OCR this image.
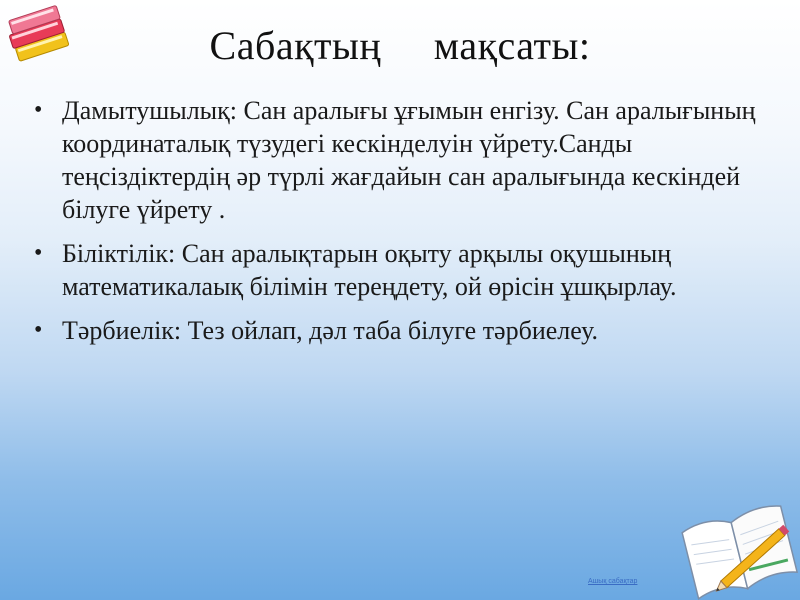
Сабақтың     мақсаты:
• Дамытушылық: Сан аралығы ұғымын енгізу. Сан аралығының координаталық түзудегі кескінделуін үйрету.Санды теңсіздіктердің әр түрлі жағдайын сан аралығында кескіндей білуге үйрету .
• Біліктілік: Сан аралықтарын оқыту арқылы оқушының математикалаық білімін тереңдету, ой өрісін ұшқырлау.
• Тәрбиелік: Тез ойлап, дәл таба білуге тәрбиелеу.
Ашық сабақтар
